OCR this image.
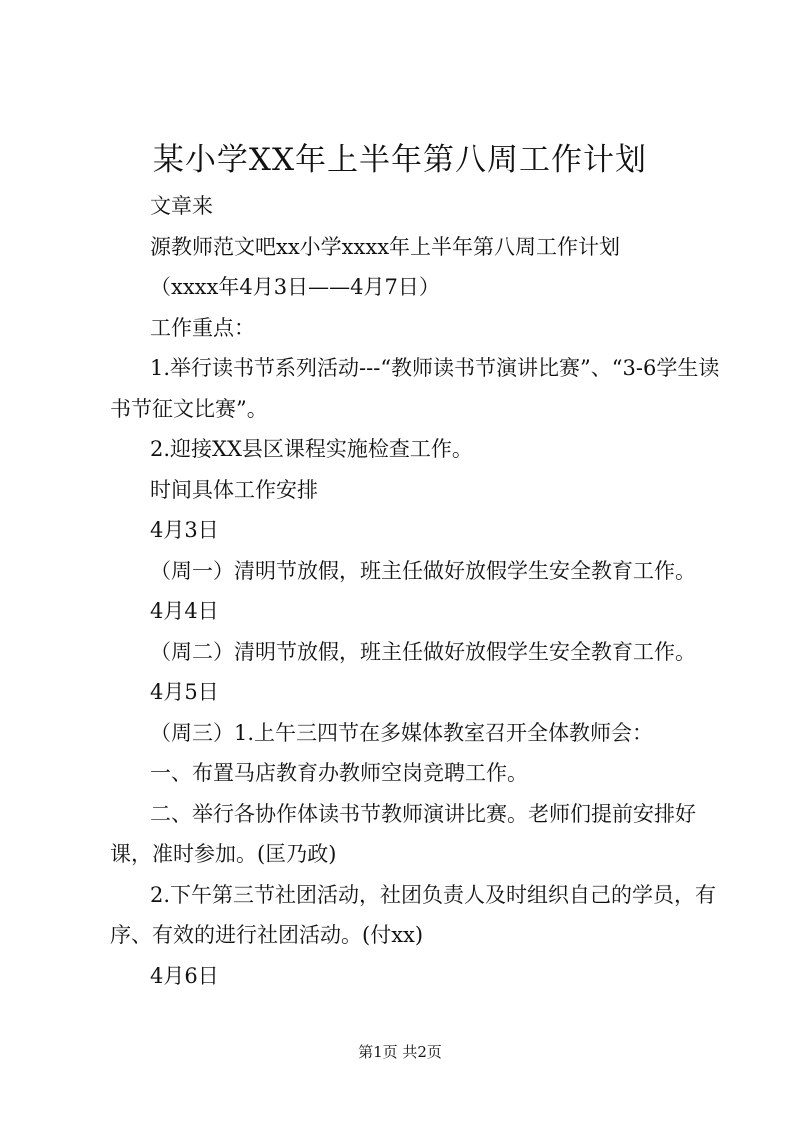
某小学XX年上半年第八周工作计划

文章来

源教师范文吧xx小学xxxx年上半年第八周工作计划

（xxxx年4月3日——4月7日）

工作重点：

1.举行读书节系列活动---“教师读书节演讲比赛”、“3-6学生读书节征文比赛”。

2.迎接XX县区课程实施检查工作。

时间具体工作安排

4月3日

（周一）清明节放假，班主任做好放假学生安全教育工作。

4月4日

（周二）清明节放假，班主任做好放假学生安全教育工作。

4月5日

（周三）1.上午三四节在多媒体教室召开全体教师会：

一、布置马店教育办教师空岗竞聘工作。

二、举行各协作体读书节教师演讲比赛。老师们提前安排好课，准时参加。(匡乃政)

2.下午第三节社团活动，社团负责人及时组织自己的学员，有序、有效的进行社团活动。(付xx)

4月6日

第1页 共2页
